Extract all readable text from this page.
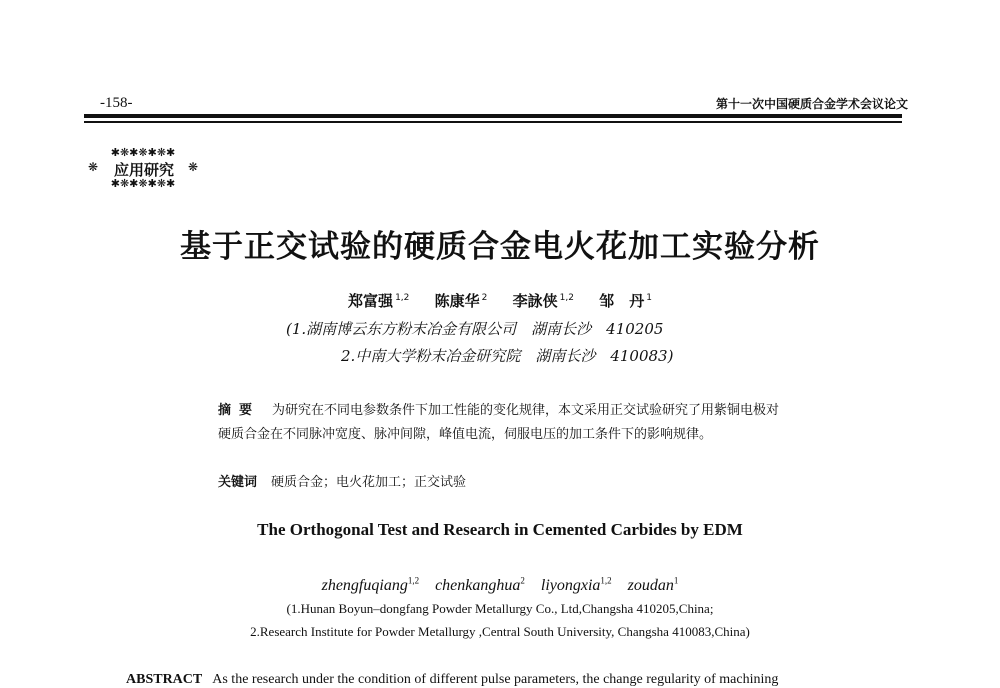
-158-	第十一次中国硬质合金学术会议论文
✱❋✱❋✱❋✱
❋	应用研究	❋
✱❋✱❋✱❋✱
基于正交试验的硬质合金电火花加工实验分析
郑富强 $^{1,2}$ 陈康华 $^2$ 李詠侠 $^{1,2}$ 邹　丹 $^1$
(1.湖南博云东方粉末冶金有限公司　湖南长沙　410205
2.中南大学粉末冶金研究院　湖南长沙　410083)
摘要 为研究在不同电参数条件下加工性能的变化规律，本文采用正交试验研究了用紫铜电极对硬质合金在不同脉冲宽度、脉冲间隙，峰值电流，伺服电压的加工条件下的影响规律。
关键词 硬质合金；电火花加工；正交试验
The Orthogonal Test and Research in Cemented Carbides by EDM
zhengfuqiang$^{1,2}$ chenkanghua$^2$ liyongxia$^{1,2}$ zoudan$^1$
(1.Hunan Boyun–dongfang Powder Metallurgy Co., Ltd,Changsha 410205,China;
2.Research Institute for Powder Metallurgy ,Central South University, Changsha 410083,China)
ABSTRACT As the research under the condition of different pulse parameters, the change regularity of machining
